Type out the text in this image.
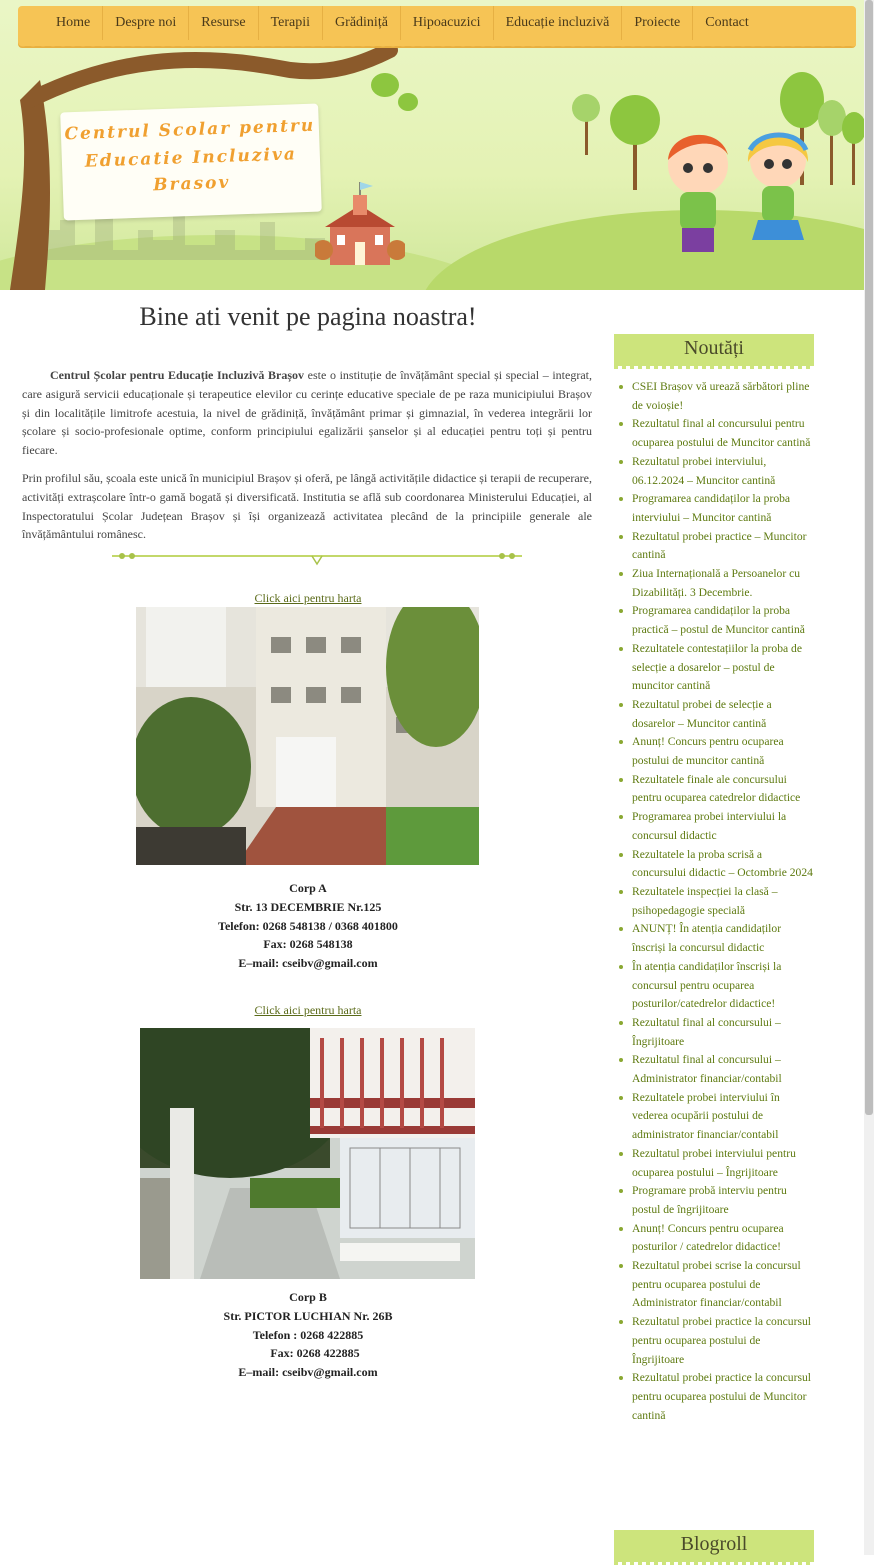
Centrul Scolar pentru
Educatie Incluziva
Brasov
Home	Despre noi	Resurse	Terapii	Grădiniță	Hipoacuzici	Educație incluzivă	Proiecte	Contact
Bine ati venit pe pagina noastra!

Centrul Școlar pentru Educație Incluzivă Brașov este o instituție de învățământ special și special – integrat, care asigură servicii educaționale și terapeutice elevilor cu cerințe educative speciale de pe raza municipiului Brașov și din localitățile limitrofe acestuia, la nivel de grădiniță, învățământ primar și gimnazial, în vederea integrării lor școlare și socio-profesionale optime, conform principiului egalizării șanselor și al educației pentru toți și pentru fiecare.

Prin profilul său, școala este unică în municipiul Brașov și oferă, pe lângă activitățile didactice și terapii de recuperare, activități extrașcolare într-o gamă bogată și diversificată. Institutia se află sub coordonarea Ministerului Educației, al Inspectoratului Școlar Județean Brașov și își organizează activitatea plecând de la principiile generale ale învățământului românesc.

Click aici pentru harta
Corp A
Str. 13 DECEMBRIE Nr.125
Telefon: 0268 548138 / 0368 401800
Fax: 0268 548138
E–mail: cseibv@gmail.com
Click aici pentru harta
Corp B
Str. PICTOR LUCHIAN Nr. 26B
Telefon : 0268 422885
Fax: 0268 422885
E–mail: cseibv@gmail.com
Noutăți
CSEI Brașov vă urează sărbători pline de voioșie!
Rezultatul final al concursului pentru ocuparea postului de Muncitor cantină
Rezultatul probei interviului, 06.12.2024 – Muncitor cantină
Programarea candidaților la proba interviului – Muncitor cantină
Rezultatul probei practice – Muncitor cantină
Ziua Internațională a Persoanelor cu Dizabilități. 3 Decembrie.
Programarea candidaților la proba practică – postul de Muncitor cantină
Rezultatele contestațiilor la proba de selecție a dosarelor – postul de muncitor cantină
Rezultatul probei de selecție a dosarelor – Muncitor cantină
Anunț! Concurs pentru ocuparea postului de muncitor cantină
Rezultatele finale ale concursului pentru ocuparea catedrelor didactice
Programarea probei interviului la concursul didactic
Rezultatele la proba scrisă a concursului didactic – Octombrie 2024
Rezultatele inspecției la clasă – psihopedagogie specială
ANUNȚ! În atenția candidaților înscriși la concursul didactic
În atenția candidaților înscriși la concursul pentru ocuparea posturilor/catedrelor didactice!
Rezultatul final al concursului – Îngrijitoare
Rezultatul final al concursului – Administrator financiar/contabil
Rezultatele probei interviului în vederea ocupării postului de administrator financiar/contabil
Rezultatul probei interviului pentru ocuparea postului – Îngrijitoare
Programare probă interviu pentru postul de îngrijitoare
Anunț! Concurs pentru ocuparea posturilor / catedrelor didactice!
Rezultatul probei scrise la concursul pentru ocuparea postului de Administrator financiar/contabil
Rezultatul probei practice la concursul pentru ocuparea postului de Îngrijitoare
Rezultatul probei practice la concursul pentru ocuparea postului de Muncitor cantină
Blogroll
